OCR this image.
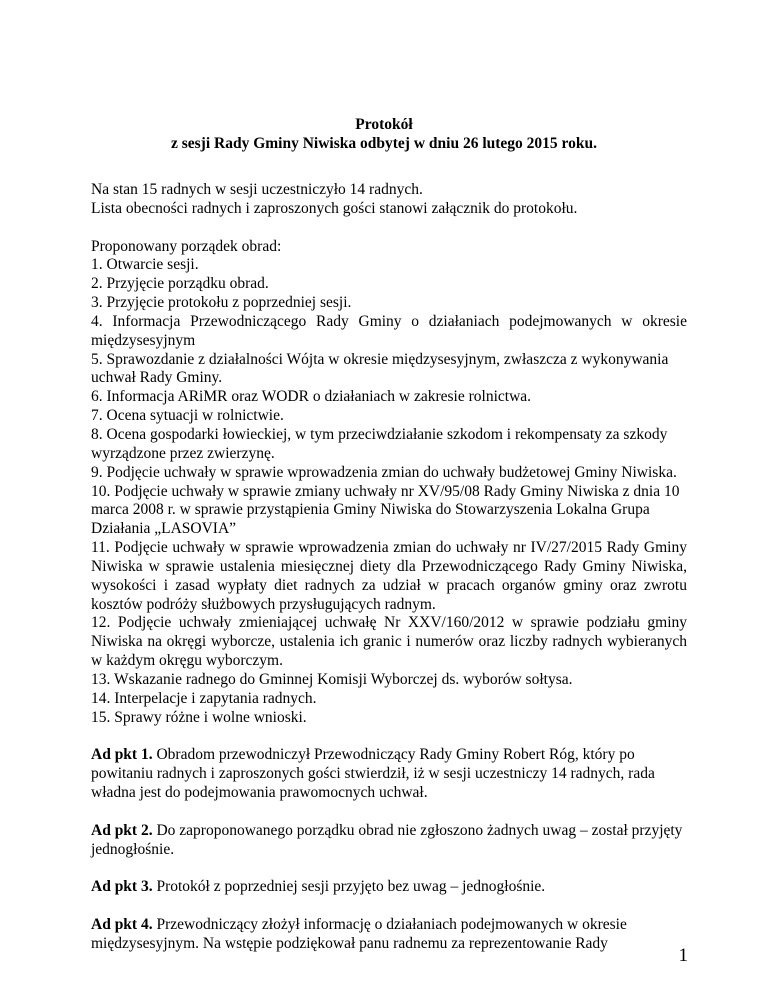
Protokół
z sesji Rady Gminy Niwiska odbytej w dniu 26 lutego 2015 roku.

Na stan 15 radnych w sesji uczestniczyło 14 radnych.

Lista obecności radnych i zaproszonych gości stanowi załącznik do protokołu.

Proponowany porządek obrad:

1. Otwarcie sesji.

2. Przyjęcie porządku obrad.

3. Przyjęcie protokołu z poprzedniej sesji.

4. Informacja Przewodniczącego Rady Gminy o działaniach podejmowanych w okresie międzysesyjnym

5. Sprawozdanie z działalności Wójta w okresie międzysesyjnym, zwłaszcza z wykonywania uchwał Rady Gminy.

6. Informacja ARiMR oraz WODR o działaniach w zakresie rolnictwa.

7. Ocena sytuacji w rolnictwie.

8. Ocena gospodarki łowieckiej, w tym przeciwdziałanie szkodom i rekompensaty za szkody wyrządzone przez zwierzynę.

9. Podjęcie uchwały w sprawie wprowadzenia zmian do uchwały budżetowej Gminy Niwiska.

10. Podjęcie uchwały w sprawie zmiany uchwały nr XV/95/08 Rady Gminy Niwiska z dnia 10 marca 2008 r. w sprawie przystąpienia Gminy Niwiska do Stowarzyszenia Lokalna Grupa Działania „LASOVIA”

11. Podjęcie uchwały w sprawie wprowadzenia zmian do uchwały nr IV/27/2015 Rady Gminy Niwiska w sprawie ustalenia miesięcznej diety dla Przewodniczącego Rady Gminy Niwiska, wysokości i zasad wypłaty diet radnych za udział w pracach organów gminy oraz zwrotu kosztów podróży służbowych przysługujących radnym.

12. Podjęcie uchwały zmieniającej uchwałę Nr XXV/160/2012 w sprawie podziału gminy Niwiska na okręgi wyborcze, ustalenia ich granic i numerów oraz liczby radnych wybieranych w każdym okręgu wyborczym.

13. Wskazanie radnego do Gminnej Komisji Wyborczej ds. wyborów sołtysa.

14. Interpelacje i zapytania radnych.

15. Sprawy różne i wolne wnioski.

Ad pkt 1. Obradom przewodniczył Przewodniczący Rady Gminy Robert Róg, który po powitaniu radnych i zaproszonych gości stwierdził, iż w sesji uczestniczy 14 radnych, rada władna jest do podejmowania prawomocnych uchwał.

Ad pkt 2. Do zaproponowanego porządku obrad nie zgłoszono żadnych uwag – został przyjęty jednogłośnie.

Ad pkt 3. Protokół z poprzedniej sesji przyjęto bez uwag – jednogłośnie.

Ad pkt 4. Przewodniczący złożył informację o działaniach podejmowanych w okresie międzysesyjnym. Na wstępie podziękował panu radnemu za reprezentowanie Rady

1
